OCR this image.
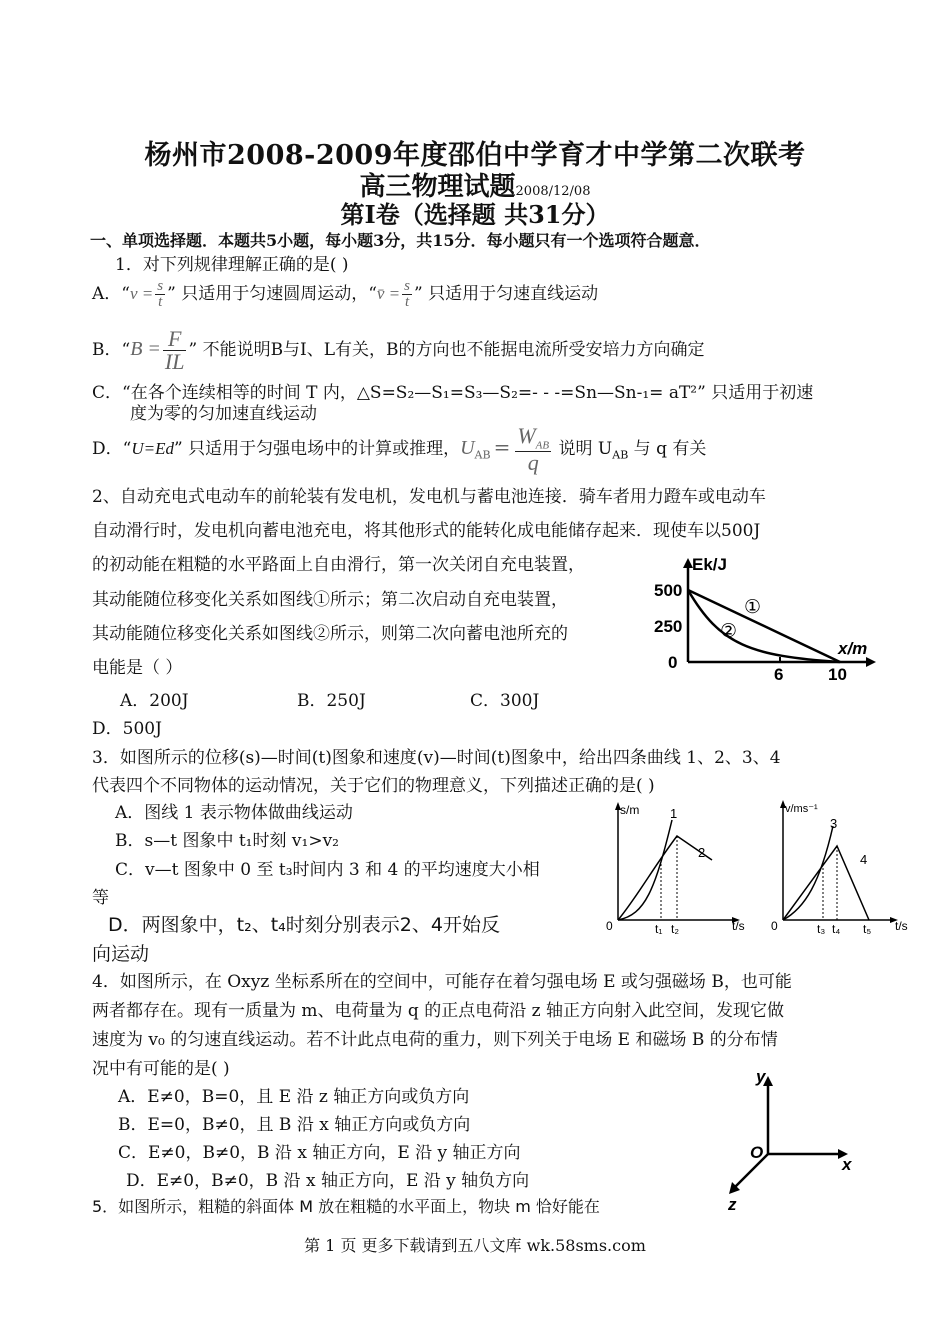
杨州市2008-2009年度邵伯中学育才中学第二次联考
高三物理试题2008/12/08
第I卷（选择题 共31分）
一、单项选择题．本题共5小题，每小题3分，共15分．每小题只有一个选项符合题意．
1．对下列规律理解正确的是( )
A．“$v = \frac{s}{t}$ ” 只适用于匀速圆周运动，“v̄ = $\frac{s}{t}$ ” 只适用于匀速直线运动
B．“$B = \frac{F}{IL}$ ” 不能说明B与I、L有关，B的方向也不能据电流所受安培力方向确定
C．“在各个连续相等的时间 T 内，△S=S₂—S₁=S₃—S₂=- - -=Sn—Sn-₁= aT²” 只适用于初速
度为零的匀加速直线运动
D．“U=Ed” 只适用于匀强电场中的计算或推理，$U_{AB} = \frac{W_{AB}}{q}$ 说明 $U_{AB}$ 与 q 有关
2、自动充电式电动车的前轮装有发电机，发电机与蓄电池连接．骑车者用力蹬车或电动车
自动滑行时，发电机向蓄电池充电，将其他形式的能转化成电能储存起来．现使车以500J
的初动能在粗糙的水平路面上自由滑行，第一次关闭自充电装置，
其动能随位移变化关系如图线①所示；第二次启动自充电装置，
其动能随位移变化关系如图线②所示，则第二次向蓄电池所充的
电能是（ ）
A．200J	B．250J	C．300J
D．500J
Ek/J
x/m
500
250
0
6	10
①
②
3．如图所示的位移(s)—时间(t)图象和速度(v)—时间(t)图象中，给出四条曲线 1、2、3、4
代表四个不同物体的运动情况，关于它们的物理意义，下列描述正确的是( )
A．图线 1 表示物体做曲线运动
B．s—t 图象中 t₁时刻 v₁>v₂
C．v—t 图象中 0 至 t₃时间内 3 和 4 的平均速度大小相
等
D．两图象中，t₂、t₄时刻分别表示2、4开始反
向运动
s/m
t/s
0	t₁ t₂
1
2
v/ms⁻¹
t/s
0	t₃ t₄ t₅
3
4
4．如图所示，在 Oxyz 坐标系所在的空间中，可能存在着匀强电场 E 或匀强磁场 B，也可能
两者都存在。现有一质量为 m、电荷量为 q 的正点电荷沿 z 轴正方向射入此空间，发现它做
速度为 v₀ 的匀速直线运动。若不计此点电荷的重力，则下列关于电场 E 和磁场 B 的分布情
况中有可能的是( )
A．E≠0，B=0，且 E 沿 z 轴正方向或负方向
B．E=0，B≠0，且 B 沿 x 轴正方向或负方向
C．E≠0，B≠0，B 沿 x 轴正方向，E 沿 y 轴正方向
D．E≠0，B≠0，B 沿 x 轴正方向，E 沿 y 轴负方向
y
x
z
O
5．如图所示，粗糙的斜面体 M 放在粗糙的水平面上，物块 m 恰好能在
第 1 页 更多下载请到五八文库 wk.58sms.com
